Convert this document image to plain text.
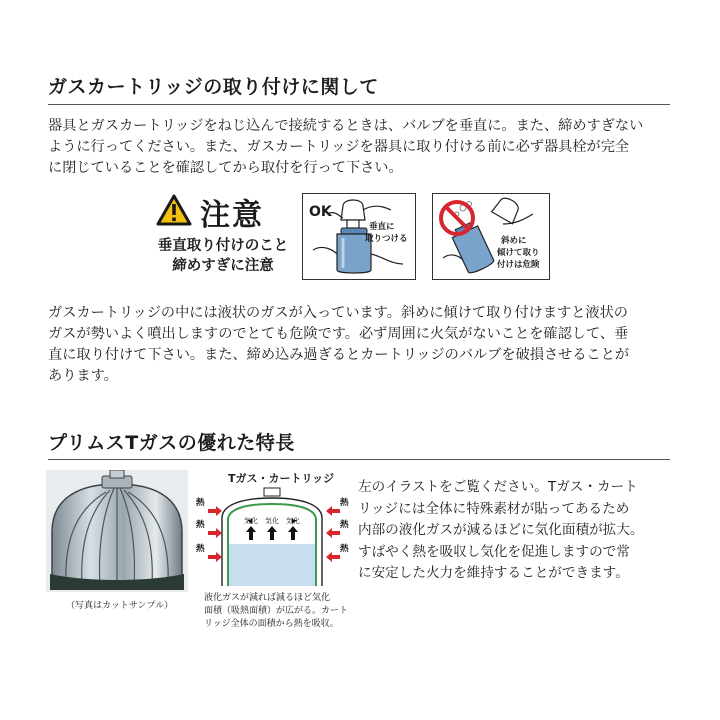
ガスカートリッジの取り付けに関して
器具とガスカートリッジをねじ込んで接続するときは、バルブを垂直に。また、締めすぎない
ように行ってください。また、ガスカートリッジを器具に取り付ける前に必ず器具栓が完全
に閉じていることを確認してから取付を行って下さい。
注意
垂直取り付けのこと
締めすぎに注意
OK
垂直に
取りつける	斜めに
傾けて取り
付けは危険
ガスカートリッジの中には液状のガスが入っています。斜めに傾けて取り付けますと液状の
ガスが勢いよく噴出しますのでとても危険です。必ず周囲に火気がないことを確認して、垂
直に取り付けて下さい。また、締め込み過ぎるとカートリッジのバルブを破損させることが
あります。
プリムスTガスの優れた特長
（写真はカットサンプル）
Tガス・カートリッジ
熱
熱
熱
熱
熱
熱
気化 気化 気化
液化ガスが減れば減るほど気化
面積（吸熱面積）が広がる。カート
リッジ全体の面積から熱を吸収。
左のイラストをご覧ください。Tガス・カート
リッジには全体に特殊素材が貼ってあるため
内部の液化ガスが減るほどに気化面積が拡大。
すばやく熱を吸収し気化を促進しますので常
に安定した火力を維持することができます。
